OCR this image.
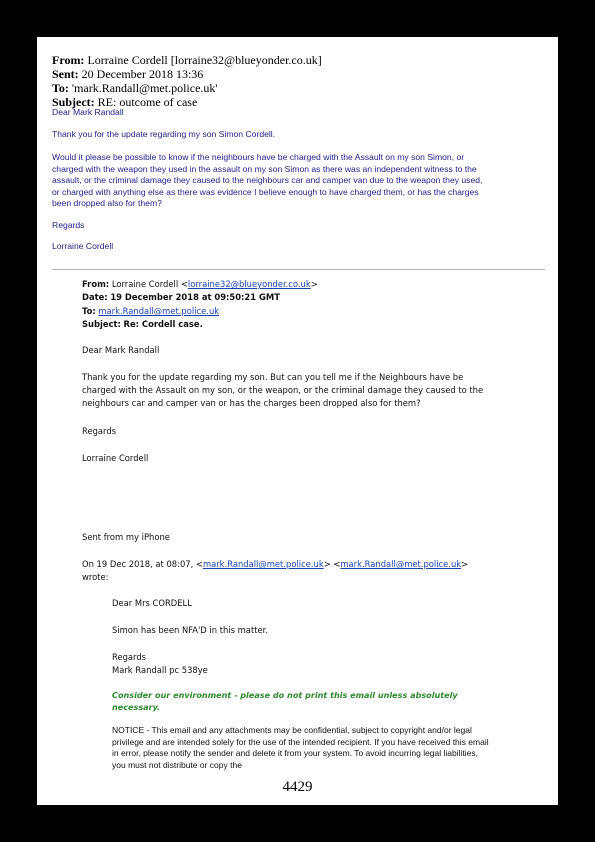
From: Lorraine Cordell [lorraine32@blueyonder.co.uk]
Sent: 20 December 2018 13:36
To: 'mark.Randall@met.police.uk'
Subject: RE: outcome of case
Dear Mark Randall
Thank you for the update regarding my son Simon Cordell.
Would it please be possible to know if the neighbours have be charged with the Assault on my son Simon, or
charged with the weapon they used in the assault on my son Simon as there was an independent witness to the
assault, or the criminal damage they caused to the neighbours car and camper van due to the weapon they used,
or charged with anything else as there was evidence I believe enough to have charged them, or has the charges
been dropped also for them?
Regards
Lorraine Cordell
From: Lorraine Cordell <lorraine32@blueyonder.co.uk>
Date: 19 December 2018 at 09:50:21 GMT
To: mark.Randall@met.police.uk
Subject: Re: Cordell case.
Dear Mark Randall
Thank you for the update regarding my son. But can you tell me if the Neighbours have be
charged with the Assault on my son, or the weapon, or the criminal damage they caused to the
neighbours car and camper van or has the charges been dropped also for them?
Regards
Lorraine Cordell
Sent from my iPhone
On 19 Dec 2018, at 08:07, <mark.Randall@met.police.uk> <mark.Randall@met.police.uk>
wrote:
Dear Mrs CORDELL
Simon has been NFA'D in this matter.
Regards
Mark Randall pc 538ye
Consider our environment - please do not print this email unless absolutely
necessary.
NOTICE - This email and any attachments may be confidential, subject to copyright and/or legal privilege and are intended solely for the use of the intended recipient. If you have received this email in error, please notify the sender and delete it from your system. To avoid incurring legal liabilities, you must not distribute or copy the
4429
